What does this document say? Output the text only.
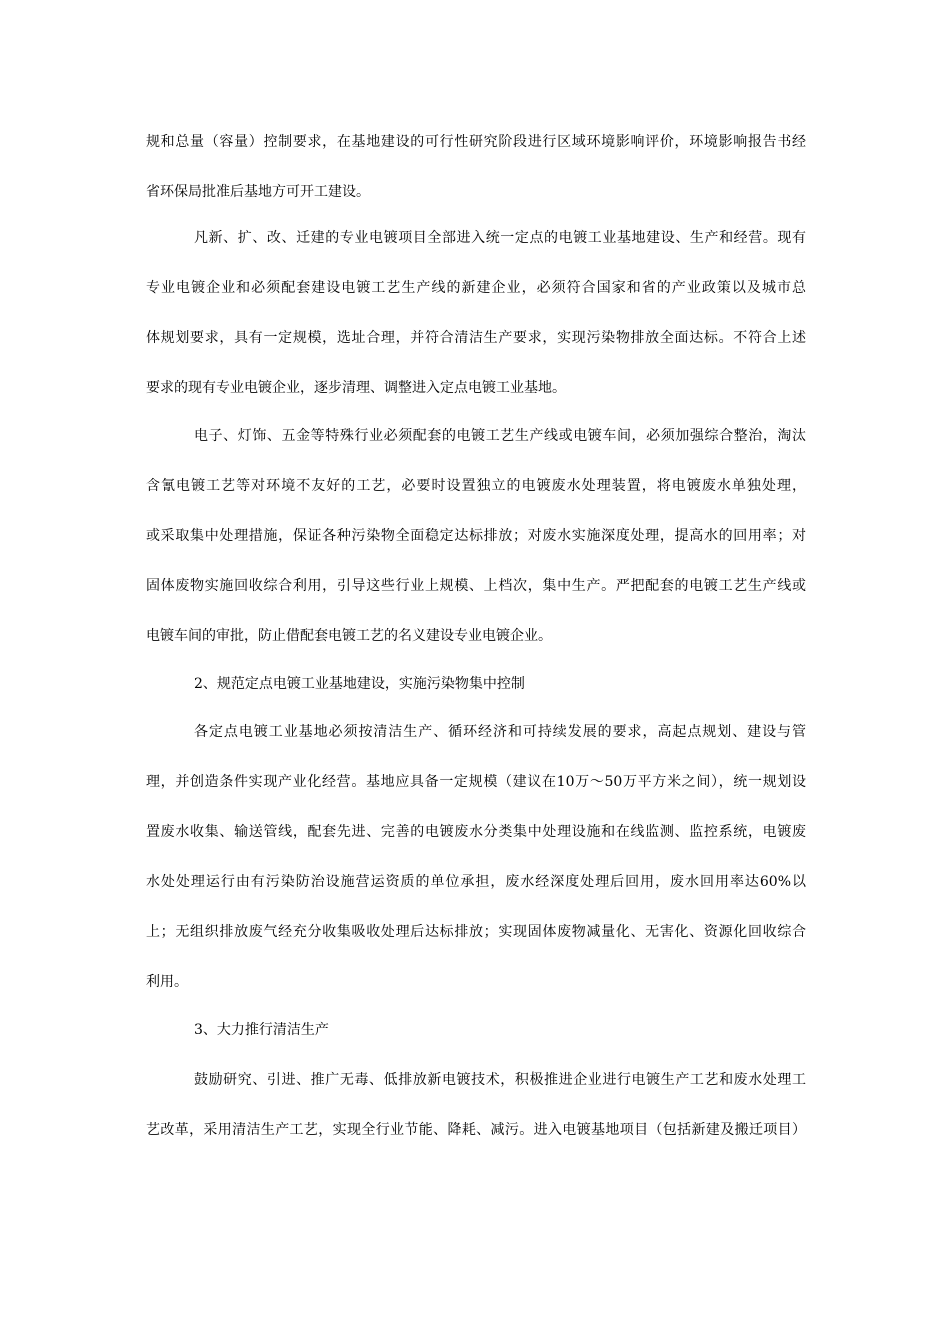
规和总量（容量）控制要求，在基地建设的可行性研究阶段进行区域环境影响评价，环境影响报告书经
省环保局批准后基地方可开工建设。
凡新、扩、改、迁建的专业电镀项目全部进入统一定点的电镀工业基地建设、生产和经营。现有
专业电镀企业和必须配套建设电镀工艺生产线的新建企业，必须符合国家和省的产业政策以及城市总
体规划要求，具有一定规模，选址合理，并符合清洁生产要求，实现污染物排放全面达标。不符合上述
要求的现有专业电镀企业，逐步清理、调整进入定点电镀工业基地。
电子、灯饰、五金等特殊行业必须配套的电镀工艺生产线或电镀车间，必须加强综合整治，淘汰
含氰电镀工艺等对环境不友好的工艺，必要时设置独立的电镀废水处理装置，将电镀废水单独处理，
或采取集中处理措施，保证各种污染物全面稳定达标排放；对废水实施深度处理，提高水的回用率；对
固体废物实施回收综合利用，引导这些行业上规模、上档次，集中生产。严把配套的电镀工艺生产线或
电镀车间的审批，防止借配套电镀工艺的名义建设专业电镀企业。
2、规范定点电镀工业基地建设，实施污染物集中控制
各定点电镀工业基地必须按清洁生产、循环经济和可持续发展的要求，高起点规划、建设与管
理，并创造条件实现产业化经营。基地应具备一定规模（建议在10万～50万平方米之间），统一规划设
置废水收集、输送管线，配套先进、完善的电镀废水分类集中处理设施和在线监测、监控系统，电镀废
水处处理运行由有污染防治设施营运资质的单位承担，废水经深度处理后回用，废水回用率达60%以
上；无组织排放废气经充分收集吸收处理后达标排放；实现固体废物减量化、无害化、资源化回收综合
利用。
3、大力推行清洁生产
鼓励研究、引进、推广无毒、低排放新电镀技术，积极推进企业进行电镀生产工艺和废水处理工
艺改革，采用清洁生产工艺，实现全行业节能、降耗、减污。进入电镀基地项目（包括新建及搬迁项目）
